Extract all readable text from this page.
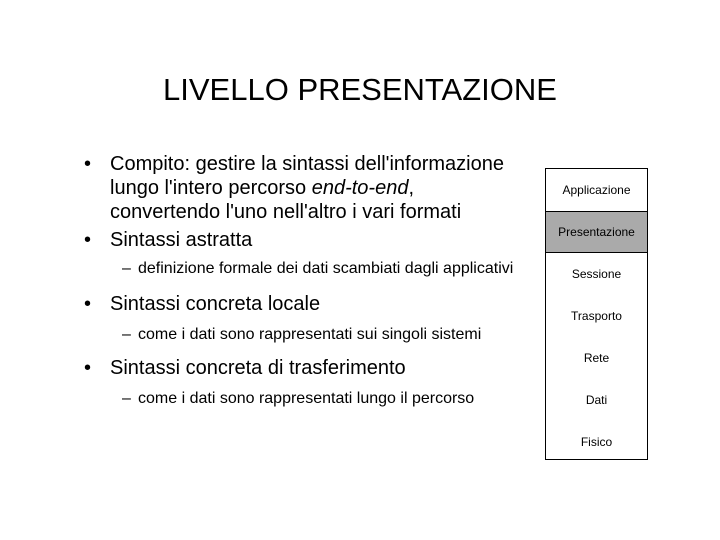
LIVELLO PRESENTAZIONE
• Compito: gestire la sintassi dell'informazione lungo l'intero percorso end-to-end, convertendo l'uno nell'altro i vari formati
• Sintassi astratta
– definizione formale dei dati scambiati dagli applicativi
• Sintassi concreta locale
– come i dati sono rappresentati sui singoli sistemi
• Sintassi concreta di trasferimento
– come i dati sono rappresentati lungo il percorso
Applicazione
Presentazione
Sessione
Trasporto
Rete
Dati
Fisico
